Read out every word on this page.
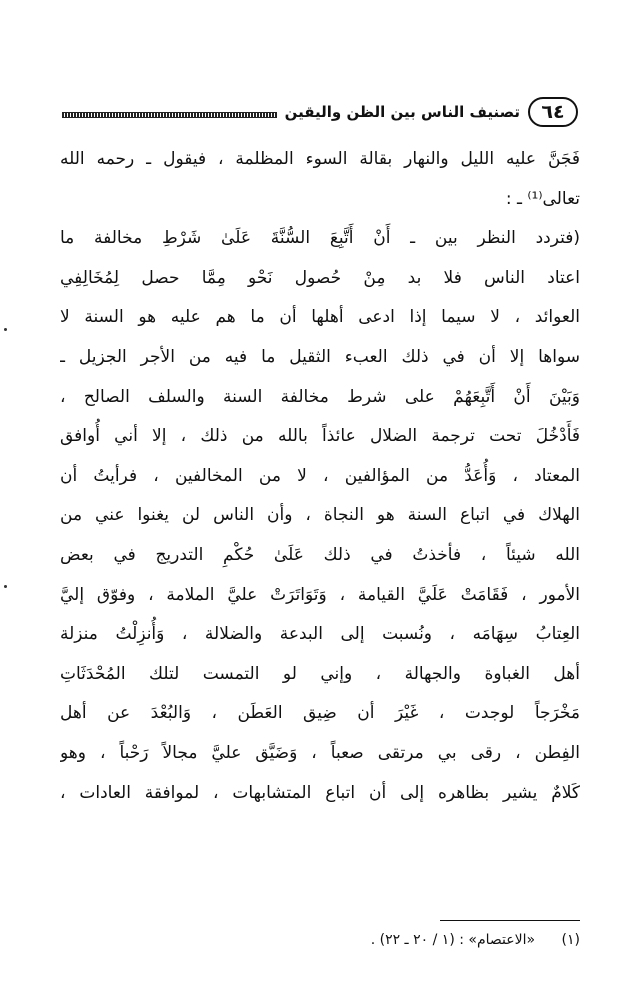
٦٤
تصنيف الناس بين الظن واليقين
فَجَنَّ عليه الليل والنهار بقالة السوء المظلمة ، فيقول ـ رحمه الله
تعالى⁽¹⁾ ـ :
(فتردد النظر بين ـ أَنْ أَتَّبِعَ السُّنَّةَ عَلَىٰ شَرْطِ مخالفة ما
اعتاد الناس فلا بد مِنْ حُصول نَحْو مِمَّا حصل لِمُخَالِفِي
العوائد ، لا سيما إذا ادعى أهلها أن ما هم عليه هو السنة لا
سواها إلا أن في ذلك العبء الثقيل ما فيه من الأجر الجزيل ـ
وَبَيْنَ أَنْ أَتَّبِعَهُمْ على شرط مخالفة السنة والسلف الصالح ،
فَأَدْخُلَ تحت ترجمة الضلال عائذاً بالله من ذلك ، إلا أني أُوافق
المعتاد ، وَأُعَدُّ من المؤالفين ، لا من المخالفين ، فرأيتُ أن
الهلاك في اتباع السنة هو النجاة ، وأن الناس لن يغنوا عني من
الله شيئاً ، فأخذتُ في ذلك عَلَىٰ حُكْمِ التدريج في بعض
الأمور ، فَقَامَتْ عَلَيَّ القيامة ، وَتَوَاتَرَتْ عليَّ الملامة ، وفوّق إليَّ
العِتابُ سِهَامَه ، ونُسبت إلى البدعة والضلالة ، وَأُنزِلْتُ منزلة
أهل الغباوة والجهالة ، وإني لو التمست لتلك المُحْدَثَاتِ
مَخْرَجاً لوجدت ، غَيْرَ أن ضِيق العَطَن ، وَالبُعْدَ عن أهل
الفِطن ، رقى بي مرتقى صعباً ، وَضَيَّق عليَّ مجالاً رَحْباً ، وهو
كَلامٌ يشير بظاهره إلى أن اتباع المتشابهات ، لموافقة العادات ،
(١) «الاعتصام» : (١ / ٢٠ ـ ٢٢) .
